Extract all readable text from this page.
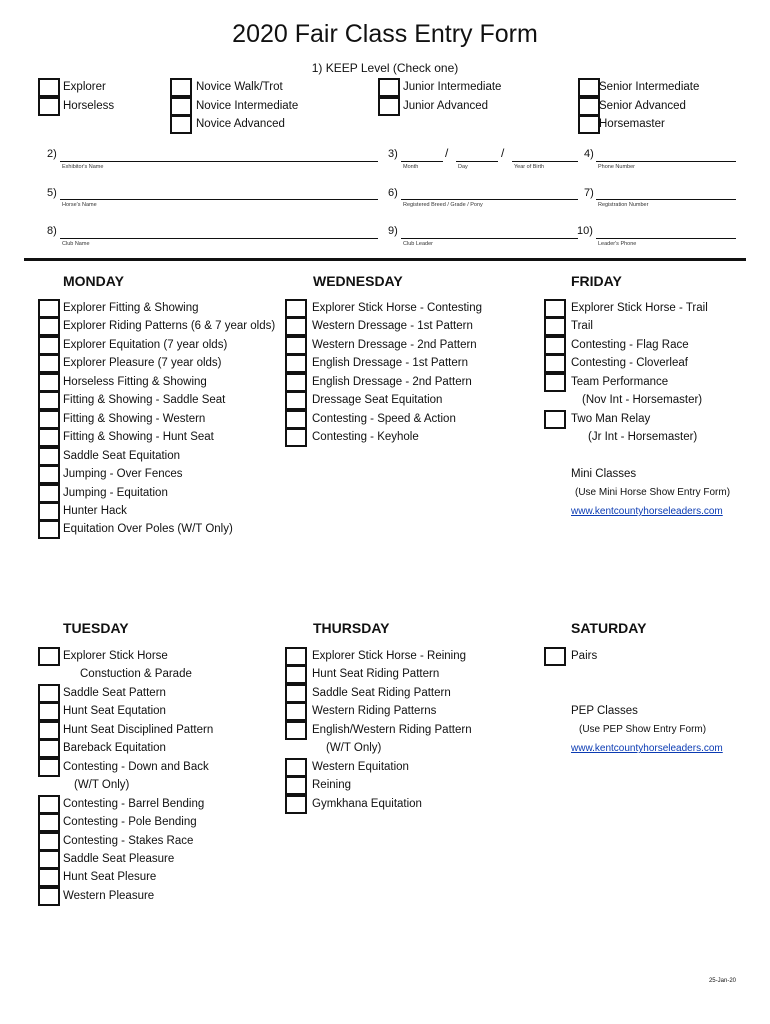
2020 Fair Class Entry Form
1) KEEP Level (Check one)
Explorer
Horseless
Novice Walk/Trot
Novice Intermediate
Novice Advanced
Junior Intermediate
Junior Advanced
Senior Intermediate
Senior Advanced
Horsemaster
2)
Exhibitor's Name
3)	/	/
Month	Day	Year of Birth
4)
Phone Number
5)
Horse's Name
6)
Registered Breed / Grade / Pony
7)
Registration Number
8)
Club Name
9)
Club Leader
10)
Leader's Phone
MONDAY	WEDNESDAY	FRIDAY
TUESDAY	THURSDAY	SATURDAY
Explorer Fitting & Showing
Explorer Riding Patterns (6 & 7 year olds)
Explorer Equitation (7 year olds)
Explorer Pleasure (7 year olds)
Horseless Fitting & Showing
Fitting & Showing - Saddle Seat
Fitting & Showing - Western
Fitting & Showing - Hunt Seat
Saddle Seat Equitation
Jumping - Over Fences
Jumping - Equitation
Hunter Hack
Equitation Over Poles (W/T Only)
Explorer Stick Horse - Contesting
Western Dressage - 1st Pattern
Western Dressage - 2nd Pattern
English Dressage - 1st Pattern
English Dressage - 2nd Pattern
Dressage Seat Equitation
Contesting - Speed & Action
Contesting - Keyhole
Explorer Stick Horse - Trail
Trail
Contesting - Flag Race
Contesting - Cloverleaf
Team Performance
Explorer Stick Horse
Constuction & Parade
Saddle Seat Pattern
Hunt Seat Equtation
Hunt Seat Disciplined Pattern
Bareback Equitation
Contesting - Down and Back
(W/T Only)
Contesting - Barrel Bending
Contesting - Pole Bending
Contesting - Stakes Race
Saddle Seat Pleasure
Hunt Seat Plesure
Western Pleasure
Explorer Stick Horse - Reining
Hunt Seat Riding Pattern
Saddle Seat Riding Pattern
Western Riding Patterns
English/Western Riding Pattern
(W/T Only)
Western Equitation
Reining
Gymkhana Equitation
Pairs
(Nov Int - Horsemaster)
Two Man Relay
(Jr Int - Horsemaster)
Mini Classes
(Use Mini Horse Show Entry Form)
www.kentcountyhorseleaders.com
PEP Classes
(Use PEP Show Entry Form)
www.kentcountyhorseleaders.com
25-Jan-20
